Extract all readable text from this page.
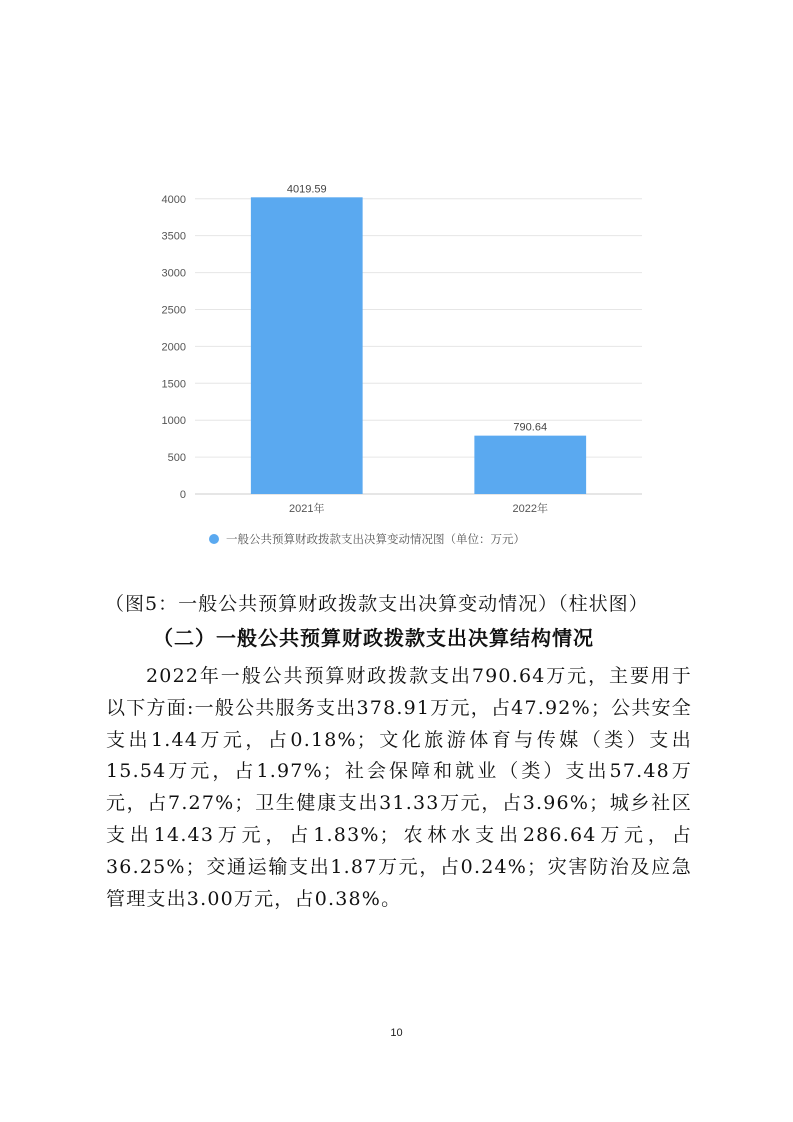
0
500
1000
1500
2000
2500
3000
3500
4000
4019.59
790.64
2021年	2022年
一般公共预算财政拨款支出决算变动情况图（单位：万元）
（图5：一般公共预算财政拨款支出决算变动情况）（柱状图）
（二）一般公共预算财政拨款支出决算结构情况
2022年一般公共预算财政拨款支出790.64万元，主要用于以下方面:一般公共服务支出378.91万元，占47.92%；公共安全支出1.44万元，占0.18%；文化旅游体育与传媒（类）支出15.54万元，占1.97%；社会保障和就业（类）支出57.48万元，占7.27%；卫生健康支出31.33万元，占3.96%；城乡社区支出14.43万元，占1.83%；农林水支出286.64万元，占36.25%；交通运输支出1.87万元，占0.24%；灾害防治及应急管理支出3.00万元，占0.38%。
10
